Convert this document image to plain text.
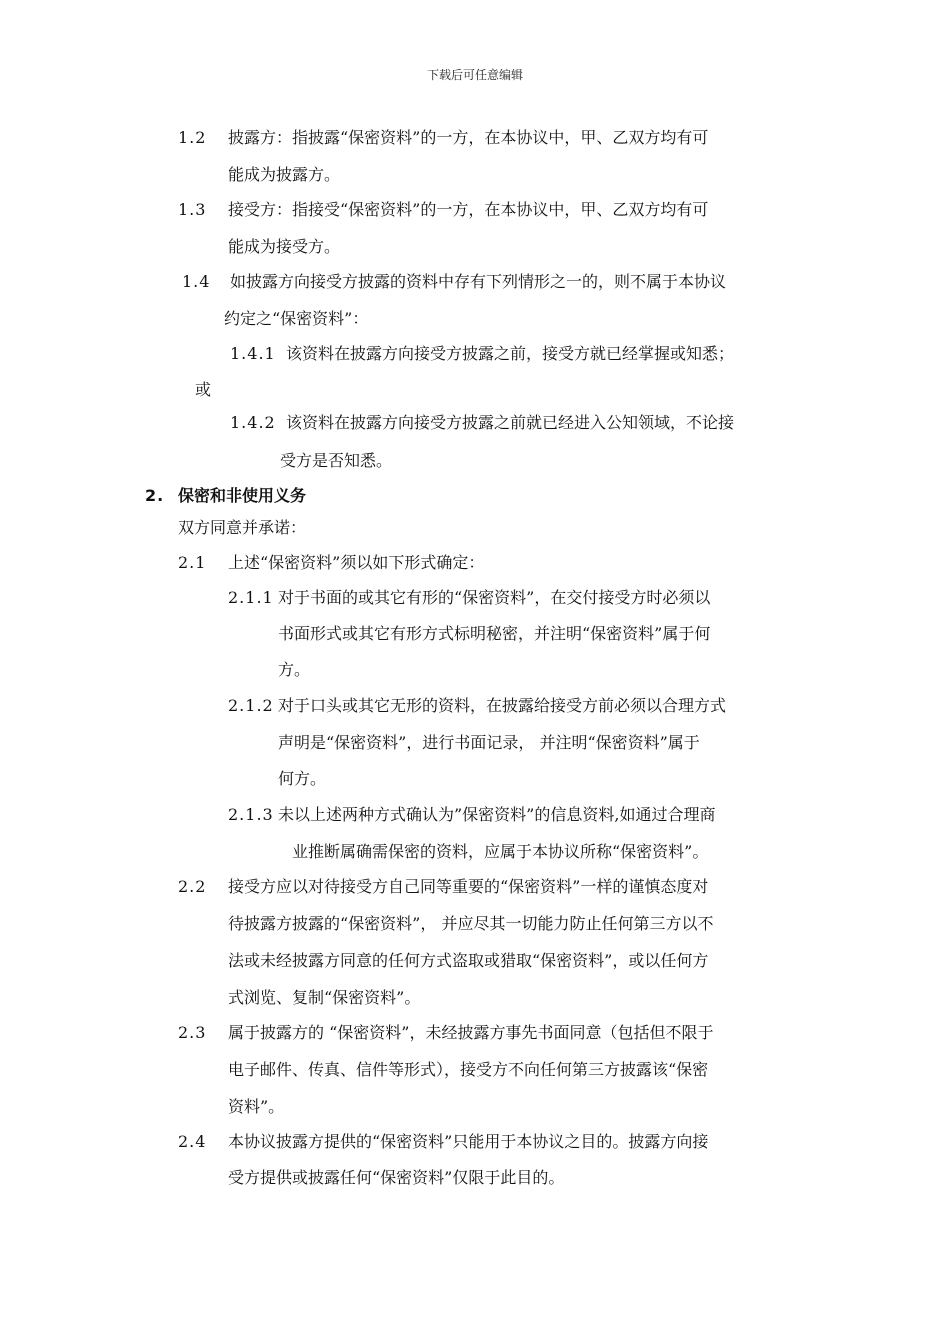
下载后可任意编辑
1.2 披露方：指披露“保密资料”的一方，在本协议中，甲、乙双方均有可
能成为披露方。
1.3 接受方：指接受“保密资料”的一方，在本协议中，甲、乙双方均有可
能成为接受方。
1.4 如披露方向接受方披露的资料中存有下列情形之一的，则不属于本协议
约定之“保密资料”：
1.4.1 该资料在披露方向接受方披露之前，接受方就已经掌握或知悉；
或
1.4.2 该资料在披露方向接受方披露之前就已经进入公知领域，不论接
受方是否知悉。
2. 保密和非使用义务
双方同意并承诺：
2.1 上述“保密资料”须以如下形式确定：
2.1.1 对于书面的或其它有形的“保密资料”，在交付接受方时必须以
书面形式或其它有形方式标明秘密，并注明“保密资料”属于何
方。
2.1.2 对于口头或其它无形的资料，在披露给接受方前必须以合理方式
声明是“保密资料”，进行书面记录， 并注明“保密资料”属于
何方。
2.1.3 未以上述两种方式确认为”保密资料”的信息资料,如通过合理商
业推断属确需保密的资料，应属于本协议所称“保密资料”。
2.2 接受方应以对待接受方自己同等重要的“保密资料”一样的谨慎态度对
待披露方披露的“保密资料”， 并应尽其一切能力防止任何第三方以不
法或未经披露方同意的任何方式盗取或猎取“保密资料”，或以任何方
式浏览、复制“保密资料”。
2.3 属于披露方的 “保密资料”，未经披露方事先书面同意（包括但不限于
电子邮件、传真、信件等形式），接受方不向任何第三方披露该“保密
资料”。
2.4 本协议披露方提供的“保密资料”只能用于本协议之目的。披露方向接
受方提供或披露任何“保密资料”仅限于此目的。
